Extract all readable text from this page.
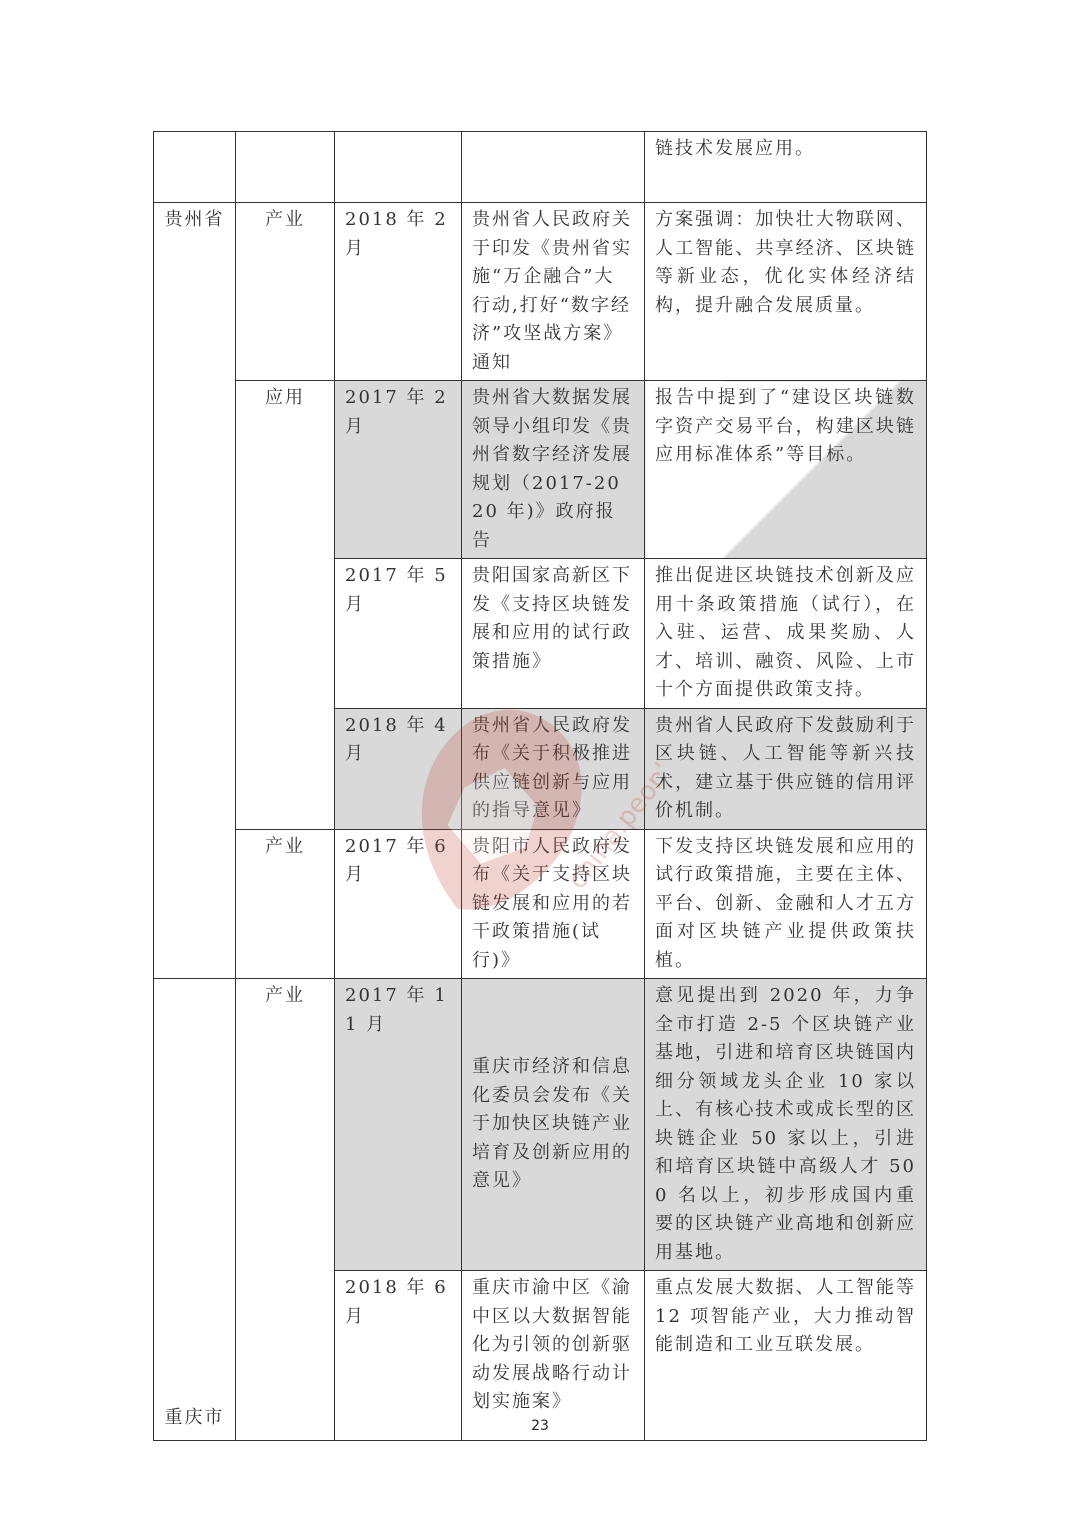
				链技术发展应用。
贵州省	产业	2018 年 2 月	贵州省人民政府关于印发《贵州省实施“万企融合”大行动,打好“数字经济”攻坚战方案》通知	方案强调：加快壮大物联网、人工智能、共享经济、区块链等新业态，优化实体经济结构，提升融合发展质量。
	应用	2017 年 2 月	贵州省大数据发展领导小组印发《贵州省数字经济发展规划（2017-2020 年)》政府报告	报告中提到了“建设区块链数字资产交易平台，构建区块链应用标准体系”等目标。
		2017 年 5 月	贵阳国家高新区下发《支持区块链发展和应用的试行政策措施》	推出促进区块链技术创新及应用十条政策措施（试行），在入驻、运营、成果奖励、人才、培训、融资、风险、上市十个方面提供政策支持。
		2018 年 4 月	贵州省人民政府发布《关于积极推进供应链创新与应用的指导意见》	贵州省人民政府下发鼓励利于区块链、人工智能等新兴技术，建立基于供应链的信用评价机制。
	产业	2017 年 6 月	贵阳市人民政府发布《关于支持区块链发展和应用的若干政策措施(试行)》	下发支持区块链发展和应用的试行政策措施，主要在主体、平台、创新、金融和人才五方面对区块链产业提供政策扶植。
重庆市	产业	2017 年 11 月	重庆市经济和信息化委员会发布《关于加快区块链产业培育及创新应用的意见》	意见提出到 2020 年，力争全市打造 2-5 个区块链产业基地，引进和培育区块链国内细分领域龙头企业 10 家以上、有核心技术或成长型的区块链企业 50 家以上，引进和培育区块链中高级人才 500 名以上，初步形成国内重要的区块链产业高地和创新应用基地。
		2018 年 6 月	重庆市渝中区《渝中区以大数据智能化为引领的创新驱动发展战略行动计划实施案》	重点发展大数据、人工智能等 12 项智能产业，大力推动智能制造和工业互联发展。
23
